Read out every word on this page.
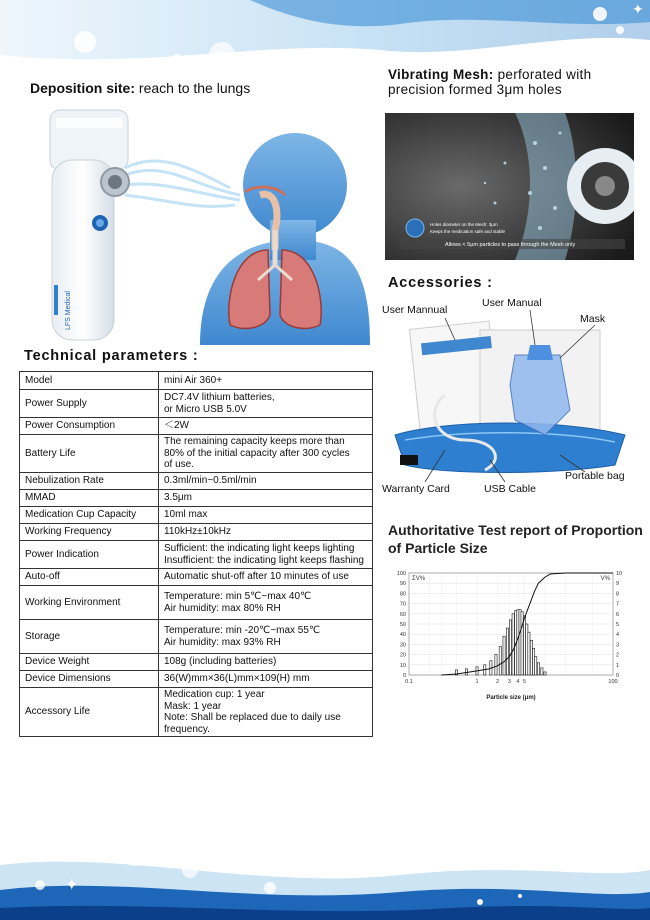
✦
✦
Deposition site: reach to the lungs
LFS Medical
Vibrating Mesh: perforated with
precision formed 3μm holes
Holes diameter on the Mesh: 3μm
Keeps the medication safe and stable
Allows < 5μm particles to pass through the Mesh only
Accessories :
User Mannual
User Manual
Mask
Portable bag
Warranty Card	USB Cable
Technical parameters :
Model	mini Air 360+

Power Supply	DC7.4V lithium batteries,
or Micro USB 5.0V

Power Consumption	＜2W

Battery Life	The remaining capacity keeps more than
80% of the initial capacity after 300 cycles
of use.

Nebulization Rate	0.3ml/min~0.5ml/min

MMAD	3.5μm

Medication Cup Capacity	10ml max

Working Frequency	110kHz±10kHz

Power Indication	Sufficient: the indicating light keeps lighting
Insufficient: the indicating light keeps flashing

Auto-off	Automatic shut-off after 10 minutes of use

Working Environment	Temperature: min 5℃~max 40℃
Air humidity: max 80% RH

Storage	Temperature: min -20℃~max 55℃
Air humidity: max 93% RH

Device Weight	108g (including batteries)

Device Dimensions	36(W)mm×36(L)mm×109(H) mm

Accessory Life	Medication cup: 1 year
Mask: 1 year
Note: Shall be replaced due to daily use frequency.
Authoritative Test report of Proportion
of Particle Size
0
10
20
30
40
50
60
70
80
90
100
0
1
2
3
4
5
6
7
8
9
10
0.1	1	2 3 4 5	100
ΣV%	V%
Particle size (μm)
